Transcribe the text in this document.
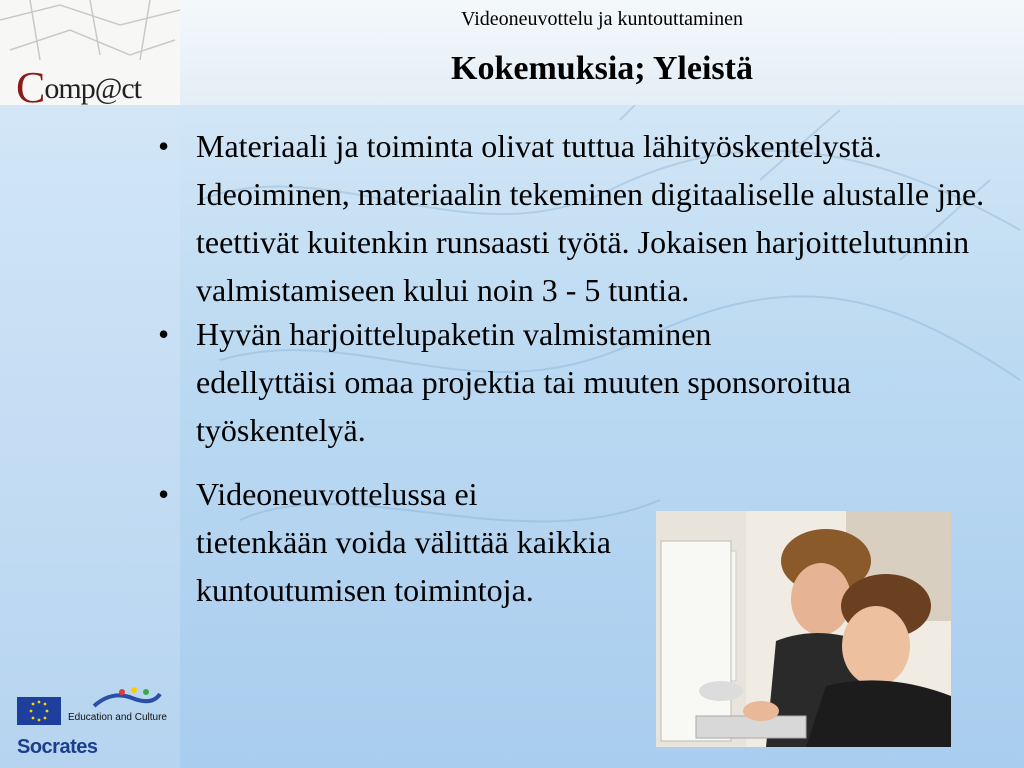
Comp@ct
Videoneuvottelu ja kuntouttaminen
Kokemuksia; Yleistä
• Materiaali ja toiminta olivat tuttua lähityöskentelystä. Ideoiminen, materiaalin tekeminen digitaaliselle alustalle jne. teettivät kuitenkin runsaasti työtä. Jokaisen harjoittelutunnin valmistamiseen kului noin 3 - 5 tuntia.
• Hyvän harjoittelupaketin valmistaminen edellyttäisi omaa projektia tai muuten sponsoroitua työskentelyä.
• Videoneuvottelussa ei tietenkään voida välittää kaikkia kuntoutumisen toimintoja.
Education and Culture
Socrates
